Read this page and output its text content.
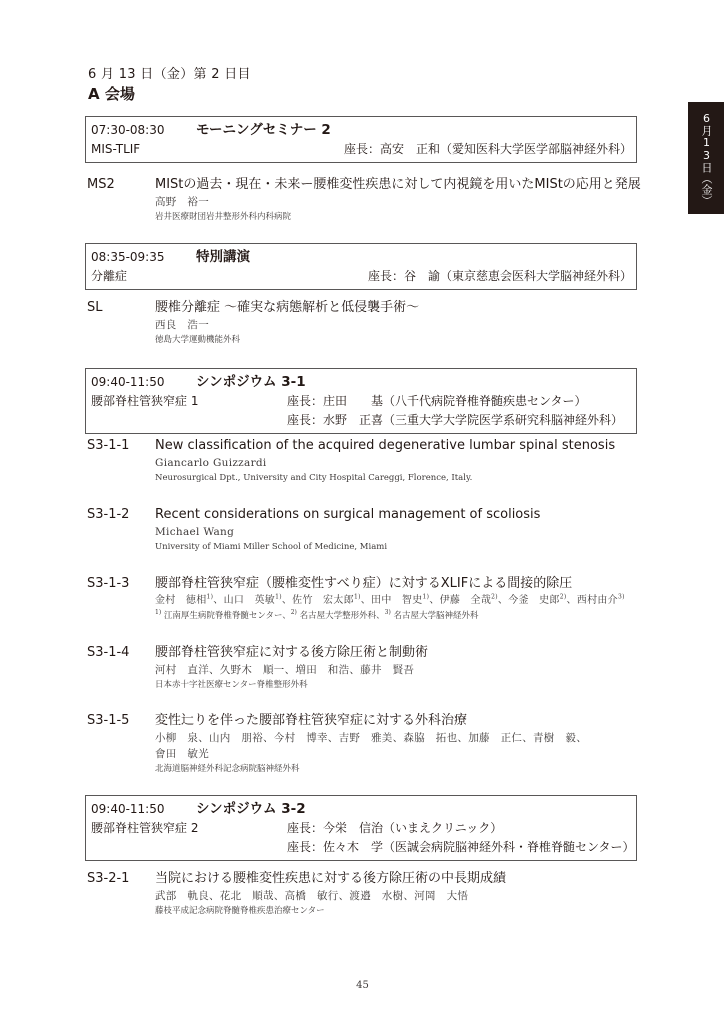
6 月 13 日（金）第 2 日目
A 会場
6月13日（金）
07:30-08:30	モーニングセミナー 2
MIS-TLIF	座長：高安　正和（愛知医科大学医学部脳神経外科）
MS2	MIStの過去・現在・未来ー腰椎変性疾患に対して内視鏡を用いたMIStの応用と発展
高野　裕一
岩井医療財団岩井整形外科内科病院
08:35-09:35	特別講演
分離症	座長：谷　諭（東京慈恵会医科大学脳神経外科）
SL	腰椎分離症 〜確実な病態解析と低侵襲手術〜
西良　浩一
徳島大学運動機能外科
09:40-11:50	シンポジウム 3-1
腰部脊柱管狭窄症 1	座長：庄田　　基（八千代病院脊椎脊髄疾患センター）
座長：水野　正喜（三重大学大学院医学系研究科脳神経外科）
S3-1-1 New classification of the acquired degenerative lumbar spinal stenosis
Giancarlo Guizzardi
Neurosurgical Dpt., University and City Hospital Careggi, Florence, Italy.
S3-1-2 Recent considerations on surgical management of scoliosis
Michael Wang
University of Miami Miller School of Medicine, Miami
S3-1-3 腰部脊柱管狭窄症（腰椎変性すべり症）に対するXLIFによる間接的除圧
金村　徳相$^{1)}$、山口　英敏$^{1)}$、佐竹　宏太郎$^{1)}$、田中　智史$^{1)}$、伊藤　全哉$^{2)}$、今釜　史郎$^{2)}$、西村由介$^{3)}$
$^{1)}$ 江南厚生病院脊椎脊髄センター、$^{2)}$ 名古屋大学整形外科、$^{3)}$ 名古屋大学脳神経外科
S3-1-4 腰部脊柱管狭窄症に対する後方除圧術と制動術
河村　直洋、久野木　順一、増田　和浩、藤井　賢吾
日本赤十字社医療センター脊椎整形外科
S3-1-5 変性辷りを伴った腰部脊柱管狭窄症に対する外科治療
小柳　泉、山内　朋裕、今村　博幸、吉野　雅美、森脇　拓也、加藤　正仁、青樹　毅、
會田　敏光
北海道脳神経外科記念病院脳神経外科
09:40-11:50	シンポジウム 3-2
腰部脊柱管狭窄症 2	座長：今栄　信治（いまえクリニック）
座長：佐々木　学（医誠会病院脳神経外科・脊椎脊髄センター）
S3-2-1 当院における腰椎変性疾患に対する後方除圧術の中長期成績
武部　軌良、花北　順哉、高橋　敏行、渡邉　水樹、河岡　大悟
藤枝平成記念病院脊髄脊椎疾患治療センター
45
